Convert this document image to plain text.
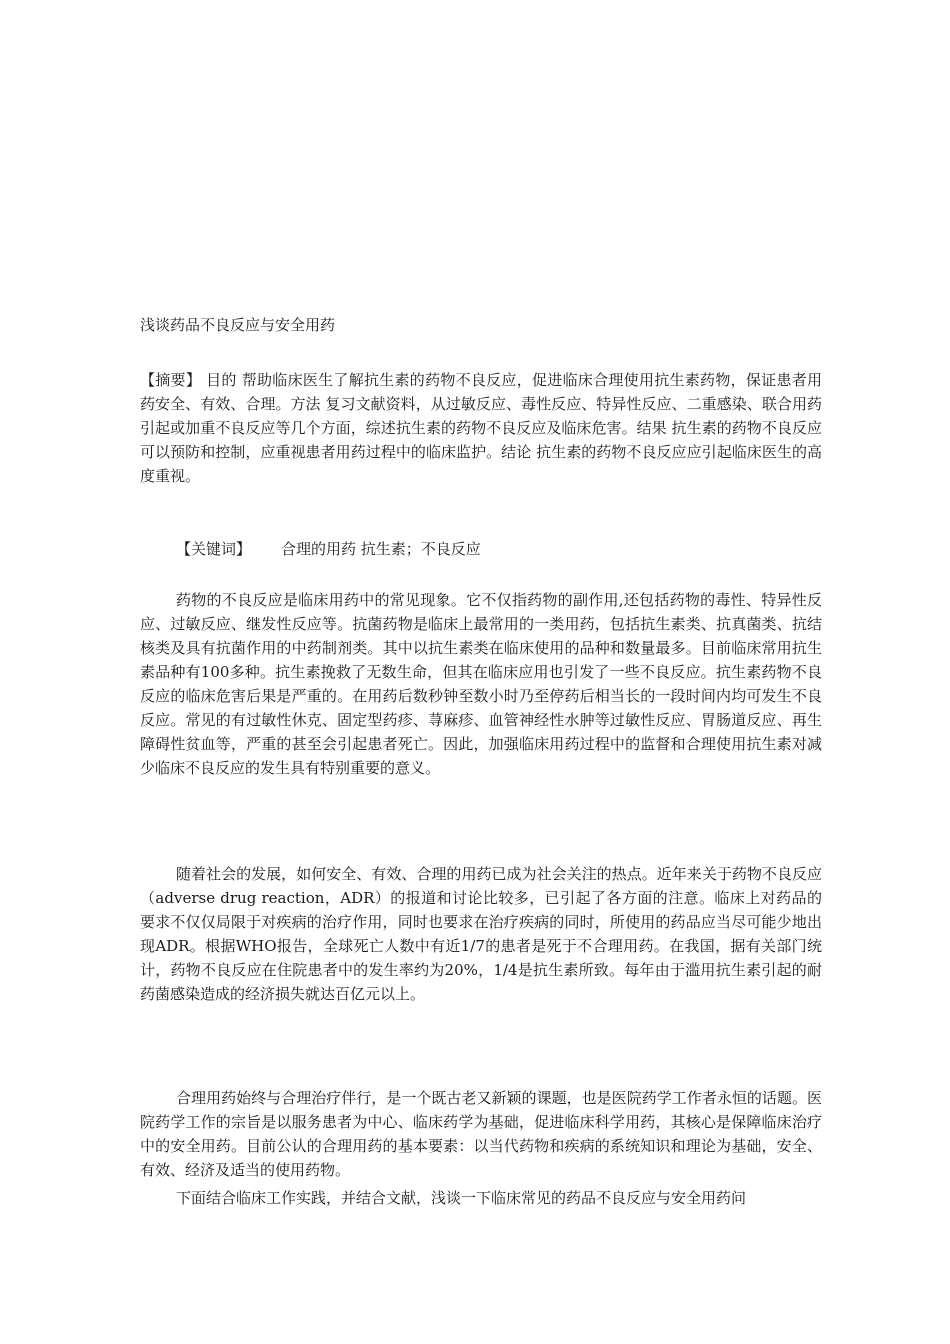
浅谈药品不良反应与安全用药
【摘要】 目的 帮助临床医生了解抗生素的药物不良反应，促进临床合理使用抗生素药物，保证患者用药安全、有效、合理。方法 复习文献资料，从过敏反应、毒性反应、特异性反应、二重感染、联合用药引起或加重不良反应等几个方面，综述抗生素的药物不良反应及临床危害。结果 抗生素的药物不良反应可以预防和控制，应重视患者用药过程中的临床监护。结论 抗生素的药物不良反应应引起临床医生的高度重视。
【关键词】 合理的用药 抗生素；不良反应
药物的不良反应是临床用药中的常见现象。它不仅指药物的副作用,还包括药物的毒性、特异性反应、过敏反应、继发性反应等。抗菌药物是临床上最常用的一类用药，包括抗生素类、抗真菌类、抗结核类及具有抗菌作用的中药制剂类。其中以抗生素类在临床使用的品种和数量最多。目前临床常用抗生素品种有100多种。抗生素挽救了无数生命，但其在临床应用也引发了一些不良反应。抗生素药物不良反应的临床危害后果是严重的。在用药后数秒钟至数小时乃至停药后相当长的一段时间内均可发生不良反应。常见的有过敏性休克、固定型药疹、荨麻疹、血管神经性水肿等过敏性反应、胃肠道反应、再生障碍性贫血等，严重的甚至会引起患者死亡。因此，加强临床用药过程中的监督和合理使用抗生素对减少临床不良反应的发生具有特别重要的意义。
随着社会的发展，如何安全、有效、合理的用药已成为社会关注的热点。近年来关于药物不良反应（adverse drug reaction，ADR）的报道和讨论比较多，已引起了各方面的注意。临床上对药品的要求不仅仅局限于对疾病的治疗作用，同时也要求在治疗疾病的同时，所使用的药品应当尽可能少地出现ADR。根据WHO报告，全球死亡人数中有近1/7的患者是死于不合理用药。在我国，据有关部门统计，药物不良反应在住院患者中的发生率约为20%，1/4是抗生素所致。每年由于滥用抗生素引起的耐药菌感染造成的经济损失就达百亿元以上。
合理用药始终与合理治疗伴行，是一个既古老又新颖的课题，也是医院药学工作者永恒的话题。医院药学工作的宗旨是以服务患者为中心、临床药学为基础，促进临床科学用药，其核心是保障临床治疗中的安全用药。目前公认的合理用药的基本要素：以当代药物和疾病的系统知识和理论为基础，安全、有效、经济及适当的使用药物。
下面结合临床工作实践，并结合文献，浅谈一下临床常见的药品不良反应与安全用药问
